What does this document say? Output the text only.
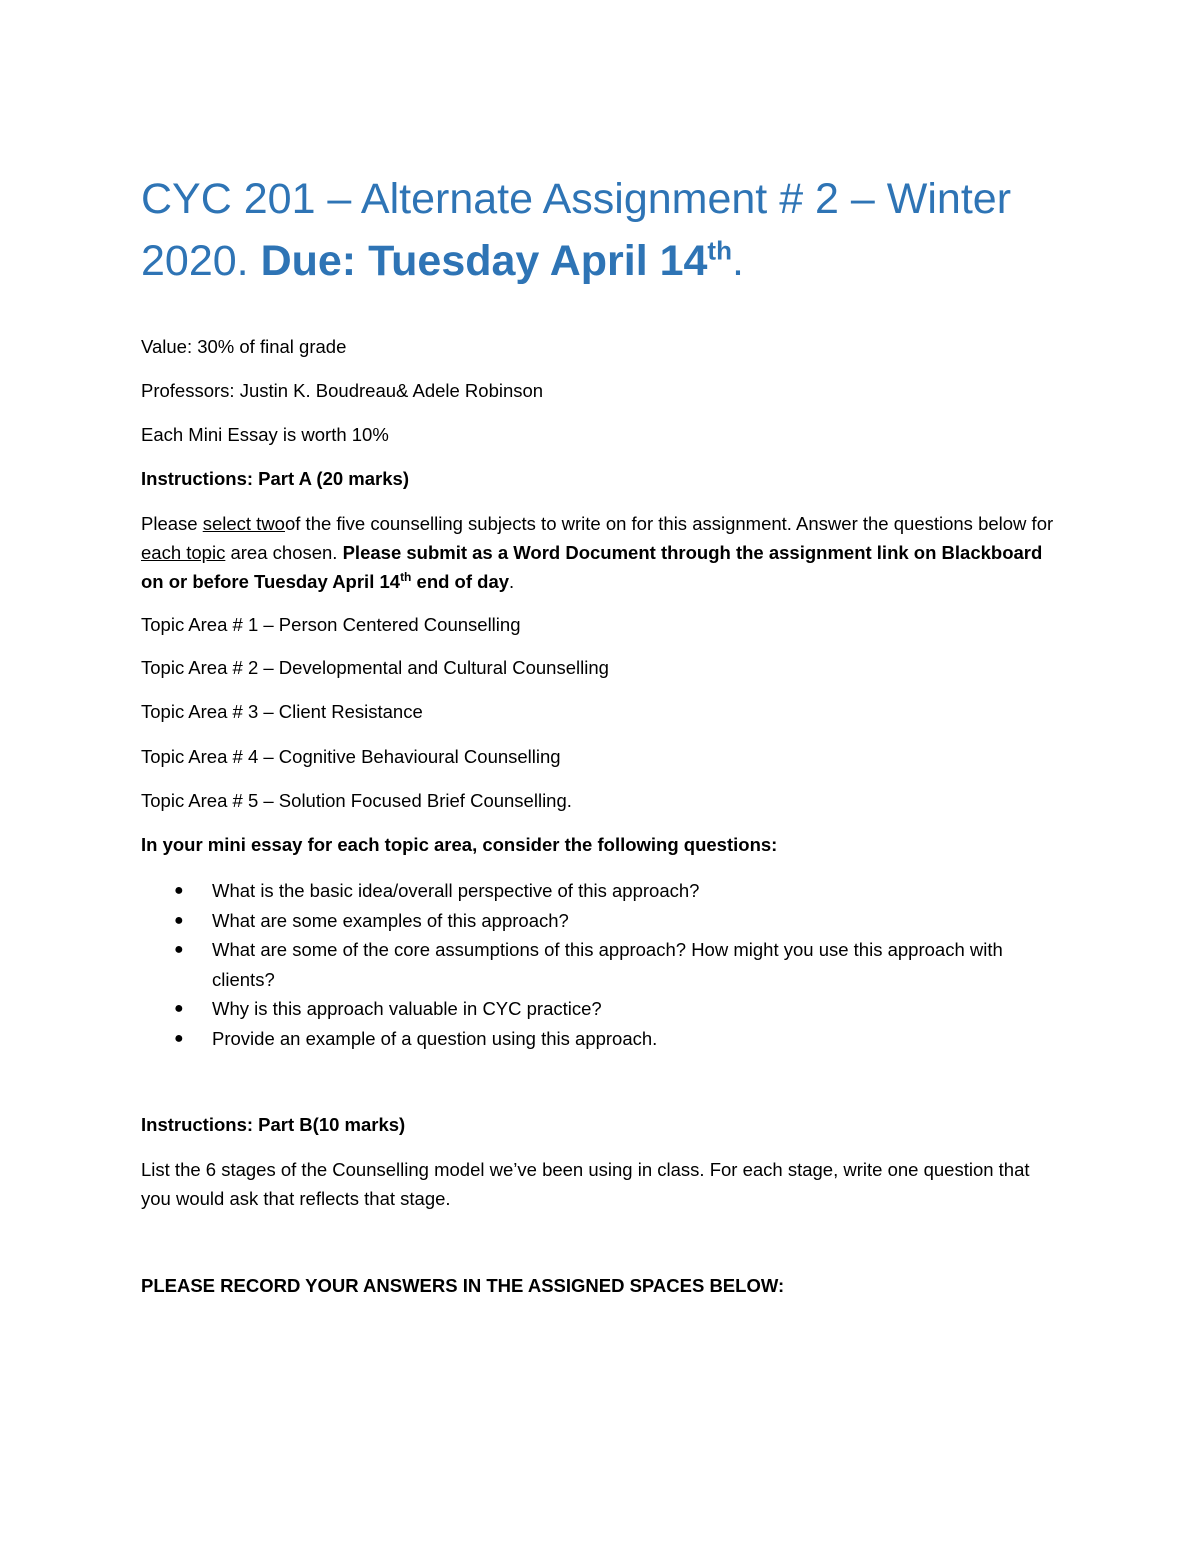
CYC 201 – Alternate Assignment # 2 – Winter 2020. Due: Tuesday April 14th.
Value: 30% of final grade
Professors: Justin K. Boudreau& Adele Robinson
Each Mini Essay is worth 10%
Instructions: Part A (20 marks)
Please select twoof the five counselling subjects to write on for this assignment. Answer the questions below for each topic area chosen. Please submit as a Word Document through the assignment link on Blackboard on or before Tuesday April 14th end of day.
Topic Area # 1 – Person Centered Counselling
Topic Area # 2 – Developmental and Cultural Counselling
Topic Area # 3 – Client Resistance
Topic Area # 4 – Cognitive Behavioural Counselling
Topic Area # 5 – Solution Focused Brief Counselling.
In your mini essay for each topic area, consider the following questions:
● What is the basic idea/overall perspective of this approach?
● What are some examples of this approach?
● What are some of the core assumptions of this approach? How might you use this approach with clients?
● Why is this approach valuable in CYC practice?
● Provide an example of a question using this approach.
Instructions: Part B(10 marks)
List the 6 stages of the Counselling model we’ve been using in class. For each stage, write one question that you would ask that reflects that stage.
PLEASE RECORD YOUR ANSWERS IN THE ASSIGNED SPACES BELOW:
